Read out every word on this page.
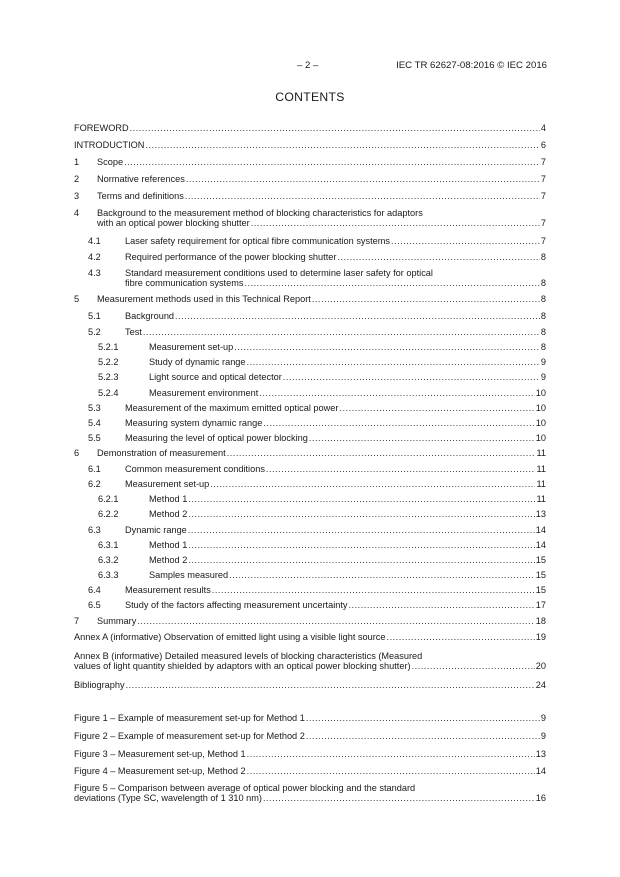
– 2 –	IEC TR 62627-08:2016 © IEC 2016
CONTENTS
FOREWORD .....	4
INTRODUCTION .....	6
1 Scope .....	7
2 Normative references .....	7
3 Terms and definitions .....	7
4 Background to the measurement method of blocking characteristics for adaptors
with an optical power blocking shutter .....	7
4.1	Laser safety requirement for optical fibre communication systems .....	7
4.2	Required performance of the power blocking shutter .....	8
4.3	Standard measurement conditions used to determine laser safety for optical
fibre communication systems .....	8
5 Measurement methods used in this Technical Report .....	8
5.1	Background .....	8
5.2	Test .....	8
5.2.1	Measurement set-up .....	8
5.2.2	Study of dynamic range .....	9
5.2.3	Light source and optical detector .....	9
5.2.4	Measurement environment .....	10
5.3	Measurement of the maximum emitted optical power .....	10
5.4	Measuring system dynamic range .....	10
5.5	Measuring the level of optical power blocking .....	10
6 Demonstration of measurement .....	11
6.1	Common measurement conditions .....	11
6.2	Measurement set-up .....	11
6.2.1	Method 1 .....	11
6.2.2	Method 2 .....	13
6.3	Dynamic range .....	14
6.3.1	Method 1 .....	14
6.3.2	Method 2 .....	15
6.3.3	Samples measured .....	15
6.4	Measurement results .....	15
6.5	Study of the factors affecting measurement uncertainty .....	17
7 Summary .....	18
Annex A (informative) Observation of emitted light using a visible light source .....	19
Annex B (informative) Detailed measured levels of blocking characteristics (Measured
values of light quantity shielded by adaptors with an optical power blocking shutter) .....	20
Bibliography .....	24
Figure 1 – Example of measurement set-up for Method 1 .....	9
Figure 2 – Example of measurement set-up for Method 2 .....	9
Figure 3 – Measurement set-up, Method 1 .....	13
Figure 4 – Measurement set-up, Method 2 .....	14
Figure 5 – Comparison between average of optical power blocking and the standard
deviations (Type SC, wavelength of 1 310 nm) .....	16
